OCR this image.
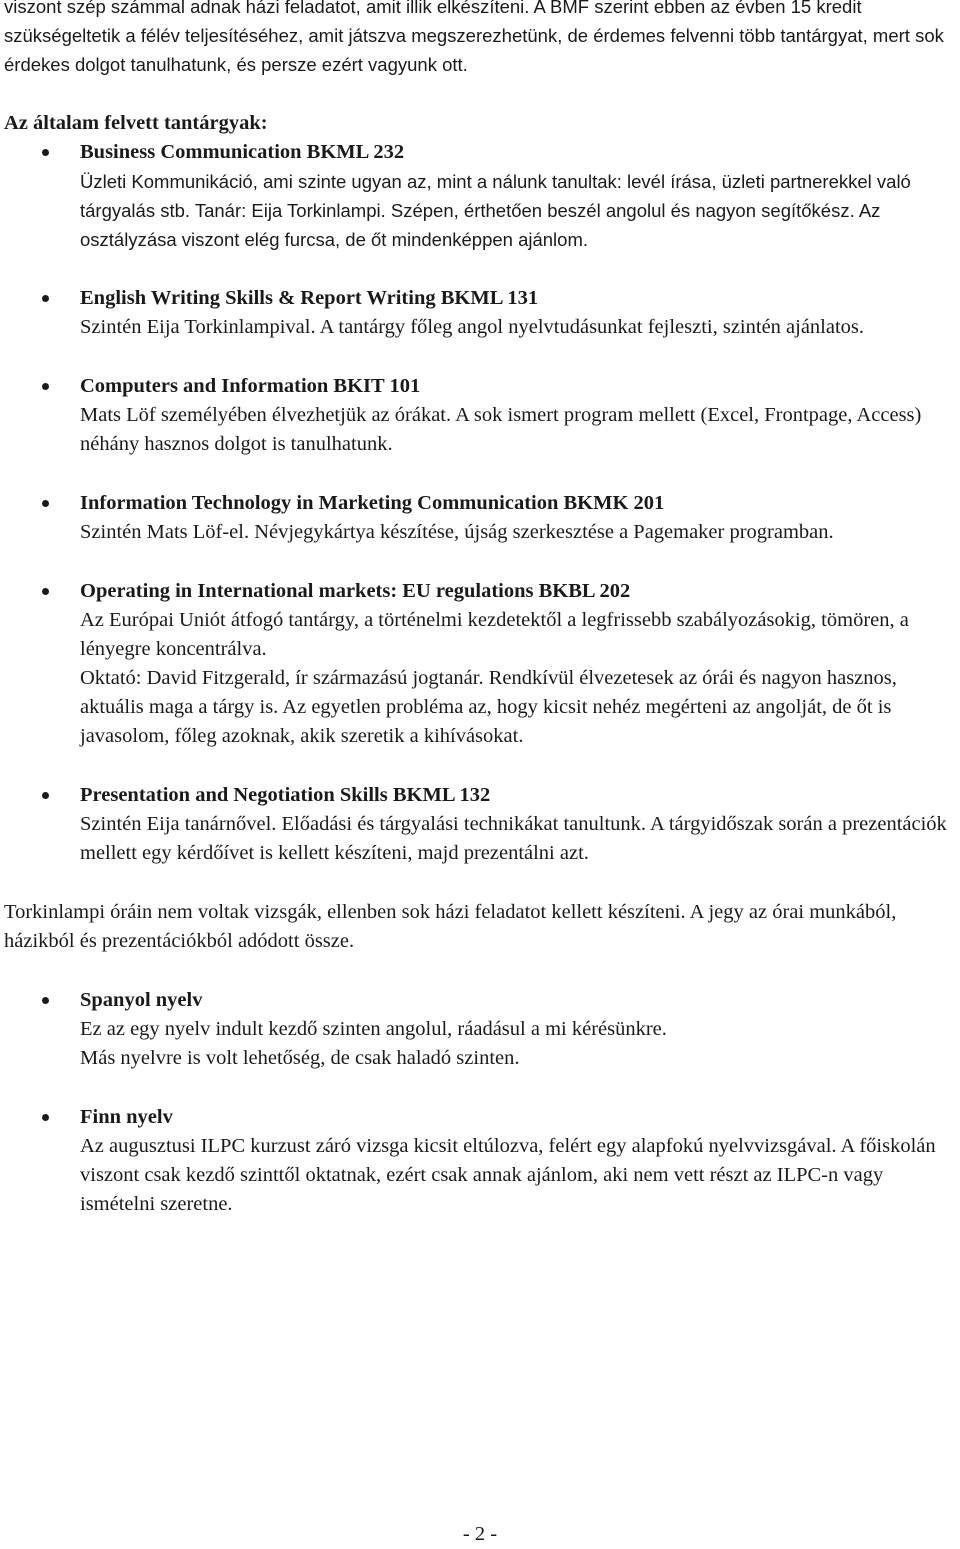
viszont szép számmal adnak házi feladatot, amit illik elkészíteni. A BMF szerint ebben az évben 15 kredit szükségeltetik a félév teljesítéséhez, amit játszva megszerezhetünk, de érdemes felvenni több tantárgyat, mert sok érdekes dolgot tanulhatunk, és persze ezért vagyunk ott.

Az általam felvett tantárgyak:

Business Communication BKML 232
Üzleti Kommunikáció, ami szinte ugyan az, mint a nálunk tanultak: levél írása, üzleti partnerekkel való tárgyalás stb. Tanár: Eija Torkinlampi. Szépen, érthetően beszél angolul és nagyon segítőkész. Az osztályzása viszont elég furcsa, de őt mindenképpen ajánlom.
English Writing Skills & Report Writing BKML 131
Szintén Eija Torkinlampival. A tantárgy főleg angol nyelvtudásunkat fejleszti, szintén ajánlatos.
Computers and Information BKIT 101
Mats Löf személyében élvezhetjük az órákat. A sok ismert program mellett (Excel, Frontpage, Access) néhány hasznos dolgot is tanulhatunk.
Information Technology in Marketing Communication BKMK 201
Szintén Mats Löf-el. Névjegykártya készítése, újság szerkesztése a Pagemaker programban.
Operating in International markets: EU regulations BKBL 202
Az Európai Uniót átfogó tantárgy, a történelmi kezdetektől a legfrissebb szabályozásokig, tömören, a lényegre koncentrálva.
Oktató: David Fitzgerald, ír származású jogtanár. Rendkívül élvezetesek az órái és nagyon hasznos, aktuális maga a tárgy is. Az egyetlen probléma az, hogy kicsit nehéz megérteni az angolját, de őt is javasolom, főleg azoknak, akik szeretik a kihívásokat.
Presentation and Negotiation Skills BKML 132
Szintén Eija tanárnővel. Előadási és tárgyalási technikákat tanultunk. A tárgyidőszak során a prezentációk mellett egy kérdőívet is kellett készíteni, majd prezentálni azt.

Torkinlampi óráin nem voltak vizsgák, ellenben sok házi feladatot kellett készíteni. A jegy az órai munkából, házikból és prezentációkból adódott össze.

Spanyol nyelv
Ez az egy nyelv indult kezdő szinten angolul, ráadásul a mi kérésünkre.
Más nyelvre is volt lehetőség, de csak haladó szinten.
Finn nyelv
Az augusztusi ILPC kurzust záró vizsga kicsit eltúlozva, felért egy alapfokú nyelvvizsgával. A főiskolán viszont csak kezdő szinttől oktatnak, ezért csak annak ajánlom, aki nem vett részt az ILPC-n vagy ismételni szeretne.
- 2 -
